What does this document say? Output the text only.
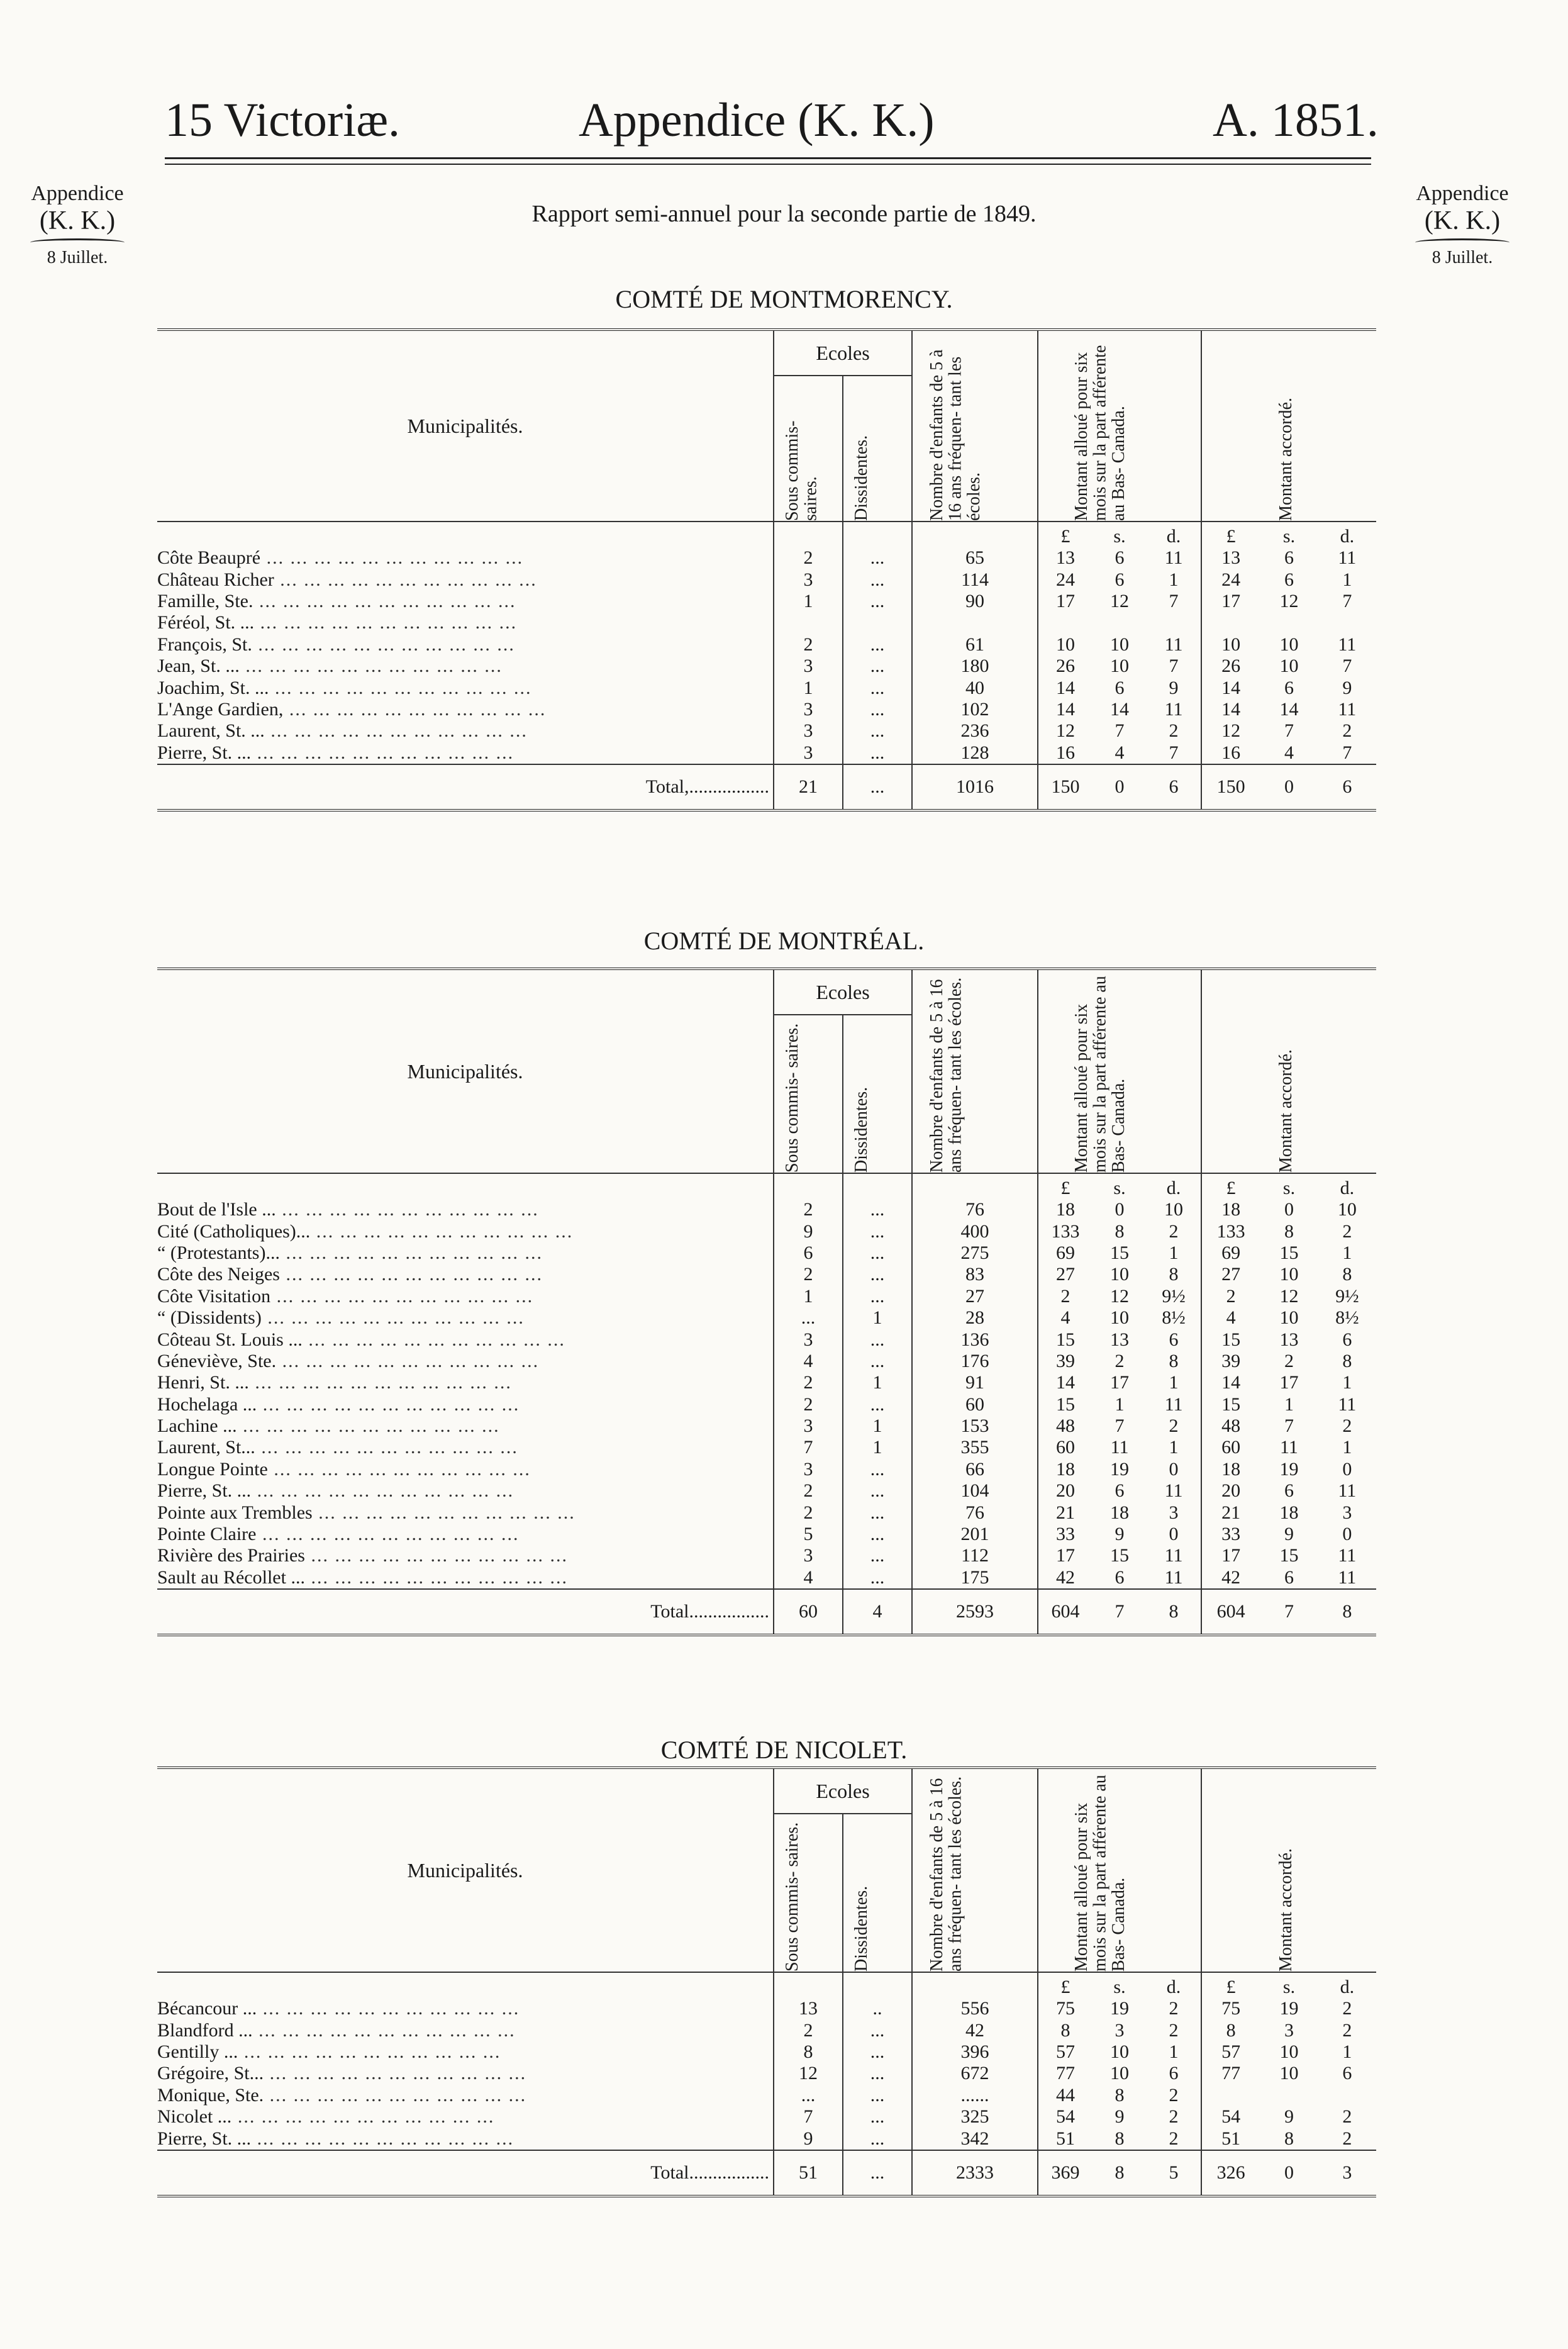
15 Victoriæ.	Appendice (K. K.)	A. 1851.
Appendice
(K. K.)
8 Juillet.
Appendice
(K. K.)
8 Juillet.
Rapport semi-annuel pour la seconde partie de 1849.
COMTÉ DE MONTMORENCY.
COMTÉ DE MONTRÉAL.
COMTÉ DE NICOLET.
Municipalités.	Ecoles		Nombre d'enfants de 5 à 16 ans fréquen- tant les écoles.	Montant alloué pour six mois sur la part afférente au Bas- Canada.	Montant accordé.

	Sous commis- saires.	Dissidentes.			

				£ s. d.	£ s. d.

Côte Beaupré ... ... ... ... ... ... ... ... ... ... ...	2	...	65	13 6 11	13 6 11

Château Richer ... ... ... ... ... ... ... ... ... ... ...	3	...	114	24 6 1	24 6 1

Famille, Ste. ... ... ... ... ... ... ... ... ... ... ...	1	...	90	17 12 7	17 12 7

Féréol, St. ... ... ... ... ... ... ... ... ... ... ... ...				

François, St. ... ... ... ... ... ... ... ... ... ... ...	2	...	61	10 10 11	10 10 11

Jean, St. ... ... ... ... ... ... ... ... ... ... ... ...	3	...	180	26 10 7	26 10 7

Joachim, St. ... ... ... ... ... ... ... ... ... ... ... ...	1	...	40	14 6 9	14 6 9

L'Ange Gardien, ... ... ... ... ... ... ... ... ... ... ...	3	...	102	14 14 11	14 14 11

Laurent, St. ... ... ... ... ... ... ... ... ... ... ... ...	3	...	236	12 7 2	12 7 2

Pierre, St. ... ... ... ... ... ... ... ... ... ... ... ...	3	...	128	16 4 7	16 4 7

Total,.................	21	...	1016	150 0 6	150 0 6
Municipalités.	Ecoles		Nombre d'enfants de 5 à 16 ans fréquen- tant les écoles.	Montant alloué pour six mois sur la part afférente au Bas- Canada.	Montant accordé.

	Sous commis- saires.	Dissidentes.			

				£ s. d.	£ s. d.

Bout de l'Isle ... ... ... ... ... ... ... ... ... ... ... ...	2	...	76	18 0 10	18 0 10

Cité (Catholiques)... ... ... ... ... ... ... ... ... ... ... ...	9	...	400	133 8 2	133 8 2

“ (Protestants)... ... ... ... ... ... ... ... ... ... ... ...	6	...	275	69 15 1	69 15 1

Côte des Neiges ... ... ... ... ... ... ... ... ... ... ...	2	...	83	27 10 8	27 10 8

Côte Visitation ... ... ... ... ... ... ... ... ... ... ...	1	...	27	2 12 9½	2 12 9½

“ (Dissidents) ... ... ... ... ... ... ... ... ... ... ...	...	1	28	4 10 8½	4 10 8½

Côteau St. Louis ... ... ... ... ... ... ... ... ... ... ... ...	3	...	136	15 13 6	15 13 6

Géneviève, Ste. ... ... ... ... ... ... ... ... ... ... ...	4	...	176	39 2 8	39 2 8

Henri, St. ... ... ... ... ... ... ... ... ... ... ... ...	2	1	91	14 17 1	14 17 1

Hochelaga ... ... ... ... ... ... ... ... ... ... ... ...	2	...	60	15 1 11	15 1 11

Lachine ... ... ... ... ... ... ... ... ... ... ... ...	3	1	153	48 7 2	48 7 2

Laurent, St... ... ... ... ... ... ... ... ... ... ... ...	7	1	355	60 11 1	60 11 1

Longue Pointe ... ... ... ... ... ... ... ... ... ... ...	3	...	66	18 19 0	18 19 0

Pierre, St. ... ... ... ... ... ... ... ... ... ... ... ...	2	...	104	20 6 11	20 6 11

Pointe aux Trembles ... ... ... ... ... ... ... ... ... ... ...	2	...	76	21 18 3	21 18 3

Pointe Claire ... ... ... ... ... ... ... ... ... ... ...	5	...	201	33 9 0	33 9 0

Rivière des Prairies ... ... ... ... ... ... ... ... ... ... ...	3	...	112	17 15 11	17 15 11

Sault au Récollet ... ... ... ... ... ... ... ... ... ... ... ...	4	...	175	42 6 11	42 6 11

Total.................	60	4	2593	604 7 8	604 7 8
Municipalités.	Ecoles		Nombre d'enfants de 5 à 16 ans fréquen- tant les écoles.	Montant alloué pour six mois sur la part afférente au Bas- Canada.	Montant accordé.

	Sous commis- saires.	Dissidentes.			

				£ s. d.	£ s. d.

Bécancour ... ... ... ... ... ... ... ... ... ... ... ...	13	..	556	75 19 2	75 19 2

Blandford ... ... ... ... ... ... ... ... ... ... ... ...	2	...	42	8 3 2	8 3 2

Gentilly ... ... ... ... ... ... ... ... ... ... ... ...	8	...	396	57 10 1	57 10 1

Grégoire, St... ... ... ... ... ... ... ... ... ... ... ...	12	...	672	77 10 6	77 10 6

Monique, Ste. ... ... ... ... ... ... ... ... ... ... ...	...	...	......	44 8 2	

Nicolet ... ... ... ... ... ... ... ... ... ... ... ...	7	...	325	54 9 2	54 9 2

Pierre, St. ... ... ... ... ... ... ... ... ... ... ... ...	9	...	342	51 8 2	51 8 2

Total.................	51	...	2333	369 8 5	326 0 3
